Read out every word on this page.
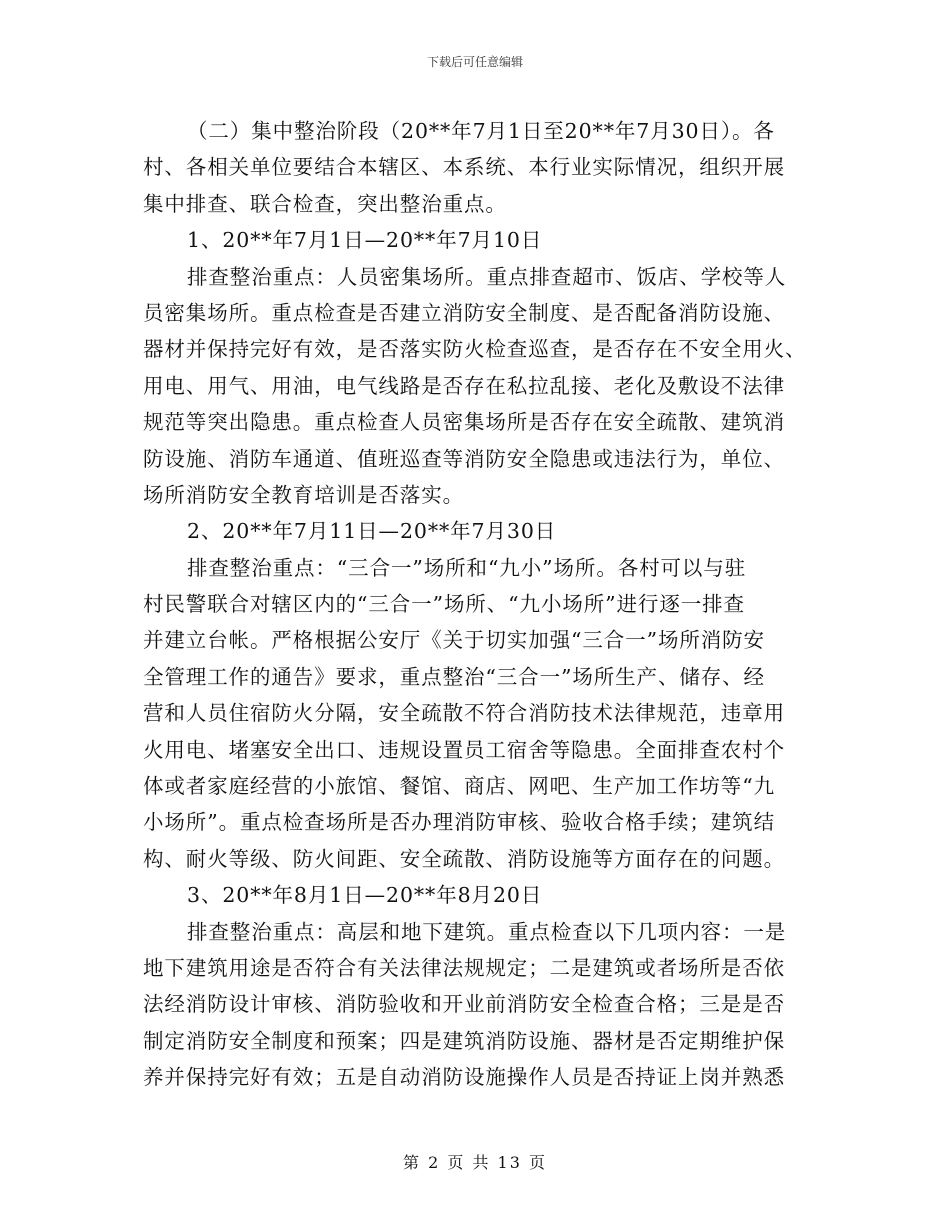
下载后可任意编辑
（二）集中整治阶段（20**年7月1日至20**年7月30日）。各
村、各相关单位要结合本辖区、本系统、本行业实际情况，组织开展
集中排查、联合检查，突出整治重点。
1、20**年7月1日—20**年7月10日
排查整治重点：人员密集场所。重点排查超市、饭店、学校等人
员密集场所。重点检查是否建立消防安全制度、是否配备消防设施、
器材并保持完好有效，是否落实防火检查巡查，是否存在不安全用火、
用电、用气、用油，电气线路是否存在私拉乱接、老化及敷设不法律
规范等突出隐患。重点检查人员密集场所是否存在安全疏散、建筑消
防设施、消防车通道、值班巡查等消防安全隐患或违法行为，单位、
场所消防安全教育培训是否落实。
2、20**年7月11日—20**年7月30日
排查整治重点：“三合一”场所和“九小”场所。各村可以与驻
村民警联合对辖区内的“三合一”场所、“九小场所”进行逐一排查
并建立台帐。严格根据公安厅《关于切实加强“三合一”场所消防安
全管理工作的通告》要求，重点整治“三合一”场所生产、储存、经
营和人员住宿防火分隔，安全疏散不符合消防技术法律规范，违章用
火用电、堵塞安全出口、违规设置员工宿舍等隐患。全面排查农村个
体或者家庭经营的小旅馆、餐馆、商店、网吧、生产加工作坊等“九
小场所”。重点检查场所是否办理消防审核、验收合格手续；建筑结
构、耐火等级、防火间距、安全疏散、消防设施等方面存在的问题。
3、20**年8月1日—20**年8月20日
排查整治重点：高层和地下建筑。重点检查以下几项内容：一是
地下建筑用途是否符合有关法律法规规定；二是建筑或者场所是否依
法经消防设计审核、消防验收和开业前消防安全检查合格；三是是否
制定消防安全制度和预案；四是建筑消防设施、器材是否定期维护保
养并保持完好有效；五是自动消防设施操作人员是否持证上岗并熟悉
第 2 页 共 13 页
